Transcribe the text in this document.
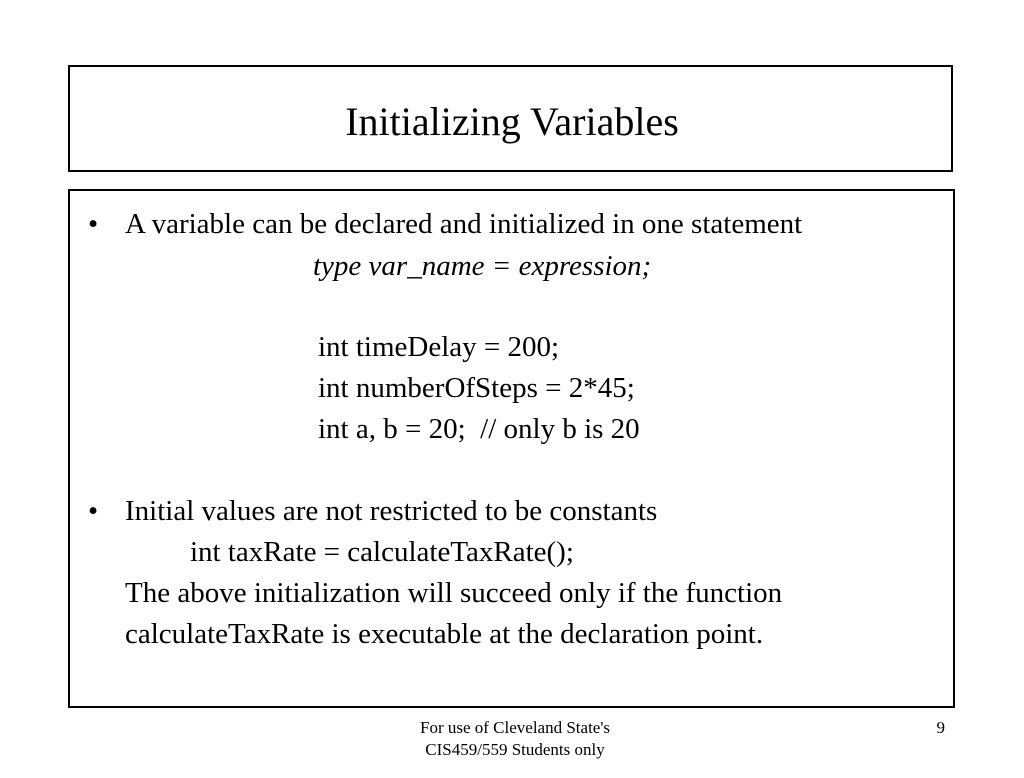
Initializing Variables
• A variable can be declared and initialized in one statement
type var_name = expression;
int timeDelay = 200;
int numberOfSteps = 2*45;
int a, b = 20;  // only b is 20
• Initial values are not restricted to be constants
int taxRate = calculateTaxRate();
The above initialization will succeed only if the function
calculateTaxRate is executable at the declaration point.
For use of Cleveland State's
CIS459/559 Students only
9
